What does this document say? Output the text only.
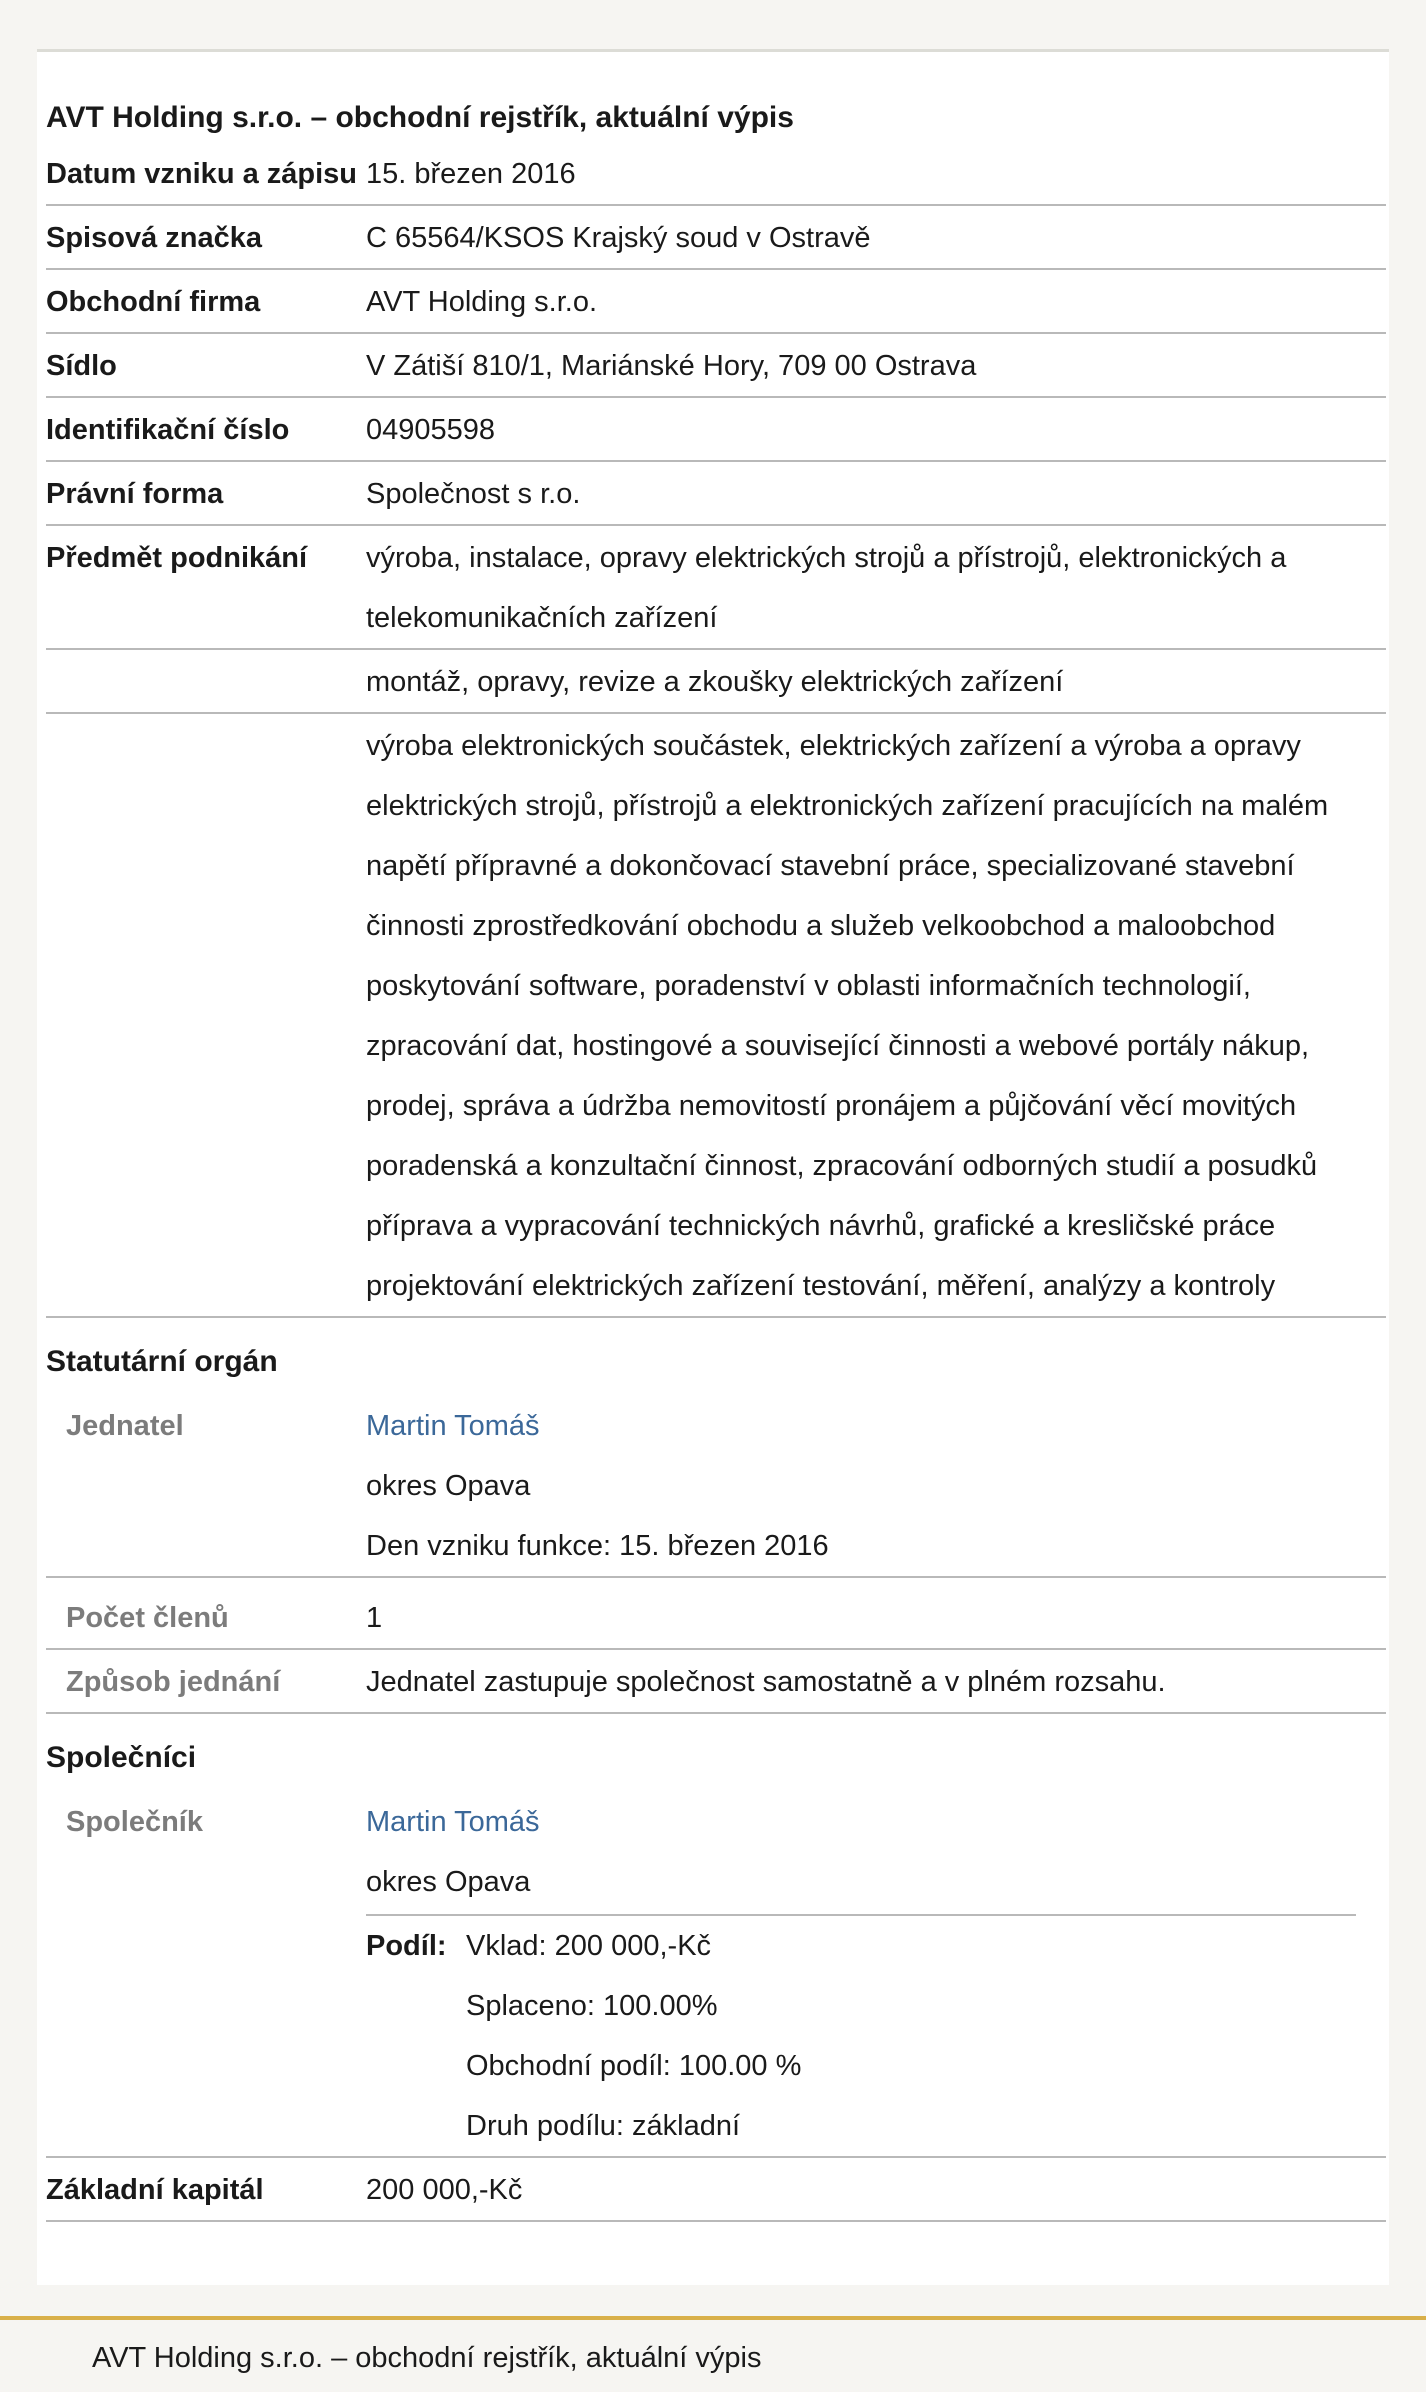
AVT Holding s.r.o. – obchodní rejstřík, aktuální výpis
Datum vzniku a zápisu 15. březen 2016
Spisová značka	C 65564/KSOS Krajský soud v Ostravě
Obchodní firma	AVT Holding s.r.o.
Sídlo	V Zátiší 810/1, Mariánské Hory, 709 00 Ostrava
Identifikační číslo	04905598
Právní forma	Společnost s r.o.
Předmět podnikání	výroba, instalace, opravy elektrických strojů a přístrojů, elektronických a telekomunikačních zařízení
montáž, opravy, revize a zkoušky elektrických zařízení
výroba elektronických součástek, elektrických zařízení a výroba a opravy elektrických strojů, přístrojů a elektronických zařízení pracujících na malém napětí přípravné a dokončovací stavební práce, specializované stavební činnosti zprostředkování obchodu a služeb velkoobchod a maloobchod poskytování software, poradenství v oblasti informačních technologií, zpracování dat, hostingové a související činnosti a webové portály nákup, prodej, správa a údržba nemovitostí pronájem a půjčování věcí movitých poradenská a konzultační činnost, zpracování odborných studií a posudků příprava a vypracování technických návrhů, grafické a kresličské práce projektování elektrických zařízení testování, měření, analýzy a kontroly
Statutární orgán
Jednatel	Martin Tomáš
okres Opava
Den vzniku funkce: 15. březen 2016
Počet členů	1
Způsob jednání	Jednatel zastupuje společnost samostatně a v plném rozsahu.
Společníci
Společník	Martin Tomáš
okres Opava
Podíl: Vklad: 200 000,-Kč
Splaceno: 100.00%
Obchodní podíl: 100.00 %
Druh podílu: základní
Základní kapitál	200 000,-Kč
AVT Holding s.r.o. – obchodní rejstřík, aktuální výpis
